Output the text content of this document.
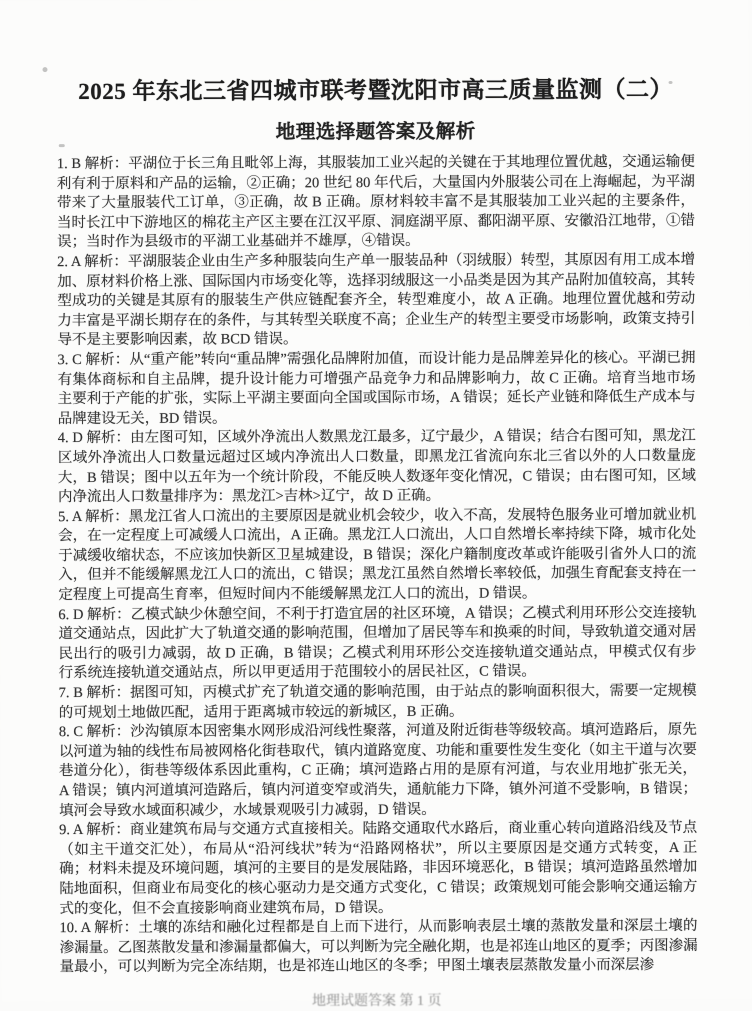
2025 年东北三省四城市联考暨沈阳市高三质量监测（二）
地理选择题答案及解析

1. B 解析：平湖位于长三角且毗邻上海，其服装加工业兴起的关键在于其地理位置优越，交通运输便利有利于原料和产品的运输，②正确；20 世纪 80 年代后，大量国内外服装公司在上海崛起，为平湖带来了大量服装代工订单，③正确，故 B 正确。原材料较丰富不是其服装加工业兴起的主要条件，当时长江中下游地区的棉花主产区主要在江汉平原、洞庭湖平原、鄱阳湖平原、安徽沿江地带，①错误；当时作为县级市的平湖工业基础并不雄厚，④错误。

2. A 解析：平湖服装企业由生产多种服装向生产单一服装品种（羽绒服）转型，其原因有用工成本增加、原材料价格上涨、国际国内市场变化等，选择羽绒服这一小品类是因为其产品附加值较高，其转型成功的关键是其原有的服装生产供应链配套齐全，转型难度小，故 A 正确。地理位置优越和劳动力丰富是平湖长期存在的条件，与其转型关联度不高；企业生产的转型主要受市场影响，政策支持引导不是主要影响因素，故 BCD 错误。

3. C 解析：从“重产能”转向“重品牌”需强化品牌附加值，而设计能力是品牌差异化的核心。平湖已拥有集体商标和自主品牌，提升设计能力可增强产品竞争力和品牌影响力，故 C 正确。培育当地市场主要利于产能的扩张，实际上平湖主要面向全国或国际市场，A 错误；延长产业链和降低生产成本与品牌建设无关，BD 错误。

4. D 解析：由左图可知，区域外净流出人数黑龙江最多，辽宁最少，A 错误；结合右图可知，黑龙江区域外净流出人口数量远超过区域内净流出人口数量，即黑龙江省流向东北三省以外的人口数量庞大，B 错误；图中以五年为一个统计阶段，不能反映人数逐年变化情况，C 错误；由右图可知，区域内净流出人口数量排序为：黑龙江>吉林>辽宁，故 D 正确。

5. A 解析：黑龙江省人口流出的主要原因是就业机会较少，收入不高，发展特色服务业可增加就业机会，在一定程度上可减缓人口流出，A 正确。黑龙江人口流出，人口自然增长率持续下降，城市化处于减缓收缩状态，不应该加快新区卫星城建设，B 错误；深化户籍制度改革或许能吸引省外人口的流入，但并不能缓解黑龙江人口的流出，C 错误；黑龙江虽然自然增长率较低，加强生育配套支持在一定程度上可提高生育率，但短时间内不能缓解黑龙江人口的流出，D 错误。

6. D 解析：乙模式缺少休憩空间，不利于打造宜居的社区环境，A 错误；乙模式利用环形公交连接轨道交通站点，因此扩大了轨道交通的影响范围，但增加了居民等车和换乘的时间，导致轨道交通对居民出行的吸引力减弱，故 D 正确，B 错误；乙模式利用环形公交连接轨道交通站点，甲模式仅有步行系统连接轨道交通站点，所以甲更适用于范围较小的居民社区，C 错误。

7. B 解析：据图可知，丙模式扩充了轨道交通的影响范围，由于站点的影响面积很大，需要一定规模的可规划土地做匹配，适用于距离城市较远的新城区，B 正确。

8. C 解析：沙沟镇原本因密集水网形成沿河线性聚落，河道及附近街巷等级较高。填河造路后，原先以河道为轴的线性布局被网格化街巷取代，镇内道路宽度、功能和重要性发生变化（如主干道与次要巷道分化），街巷等级体系因此重构，C 正确；填河造路占用的是原有河道，与农业用地扩张无关，A 错误；镇内河道填河造路后，镇内河道变窄或消失，通航能力下降，镇外河道不受影响，B 错误；填河会导致水域面积减少，水域景观吸引力减弱，D 错误。

9. A 解析：商业建筑布局与交通方式直接相关。陆路交通取代水路后，商业重心转向道路沿线及节点（如主干道交汇处），布局从“沿河线状”转为“沿路网格状”，所以主要原因是交通方式转变，A 正确；材料未提及环境问题，填河的主要目的是发展陆路，非因环境恶化，B 错误；填河造路虽然增加陆地面积，但商业布局变化的核心驱动力是交通方式变化，C 错误；政策规划可能会影响交通运输方式的变化，但不会直接影响商业建筑布局，D 错误。

10. A 解析：土壤的冻结和融化过程都是自上而下进行，从而影响表层土壤的蒸散发量和深层土壤的渗漏量。乙图蒸散发量和渗漏量都偏大，可以判断为完全融化期，也是祁连山地区的夏季；丙图渗漏量最小，可以判断为完全冻结期，也是祁连山地区的冬季；甲图土壤表层蒸散发量小而深层渗

地理试题答案 第 1 页
